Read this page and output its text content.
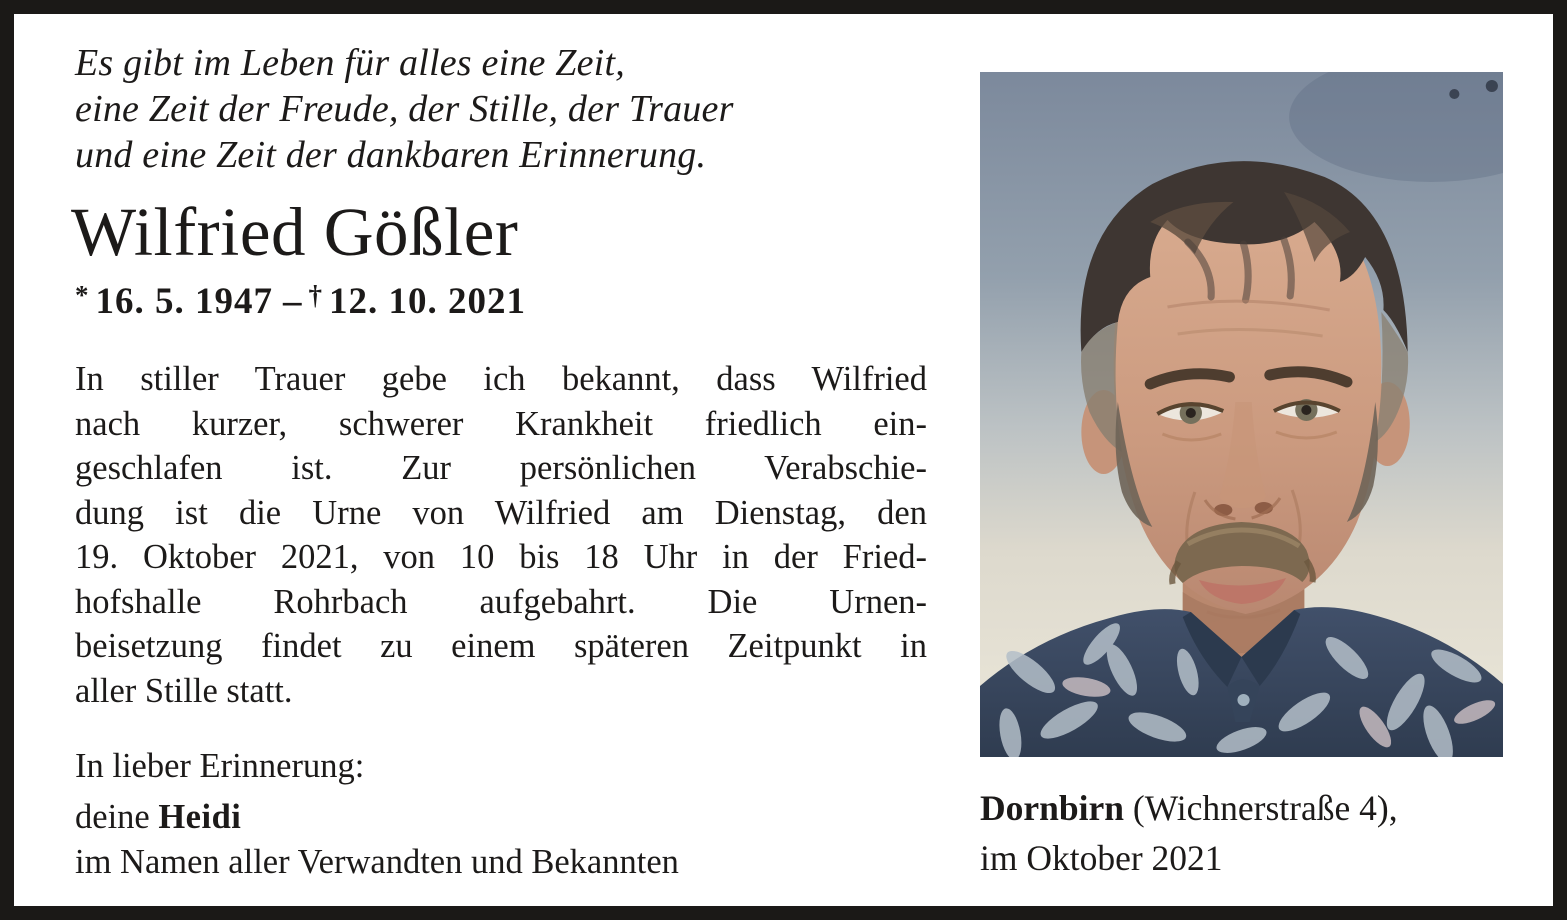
Es gibt im Leben für alles eine Zeit,
eine Zeit der Freude, der Stille, der Trauer
und eine Zeit der dankbaren Erinnerung.
Wilfried Gößler
* 16. 5. 1947 – † 12. 10. 2021
In stiller Trauer gebe ich bekannt, dass Wilfried
nach kurzer, schwerer Krankheit friedlich ein-
geschlafen ist. Zur persönlichen Verabschie-
dung ist die Urne von Wilfried am Dienstag, den
19. Oktober 2021, von 10 bis 18 Uhr in der Fried-
hofshalle Rohrbach aufgebahrt. Die Urnen-
beisetzung findet zu einem späteren Zeitpunkt in
aller Stille statt.
In lieber Erinnerung:
deine Heidi
im Namen aller Verwandten und Bekannten
Dornbirn (Wichnerstraße 4),
im Oktober 2021
